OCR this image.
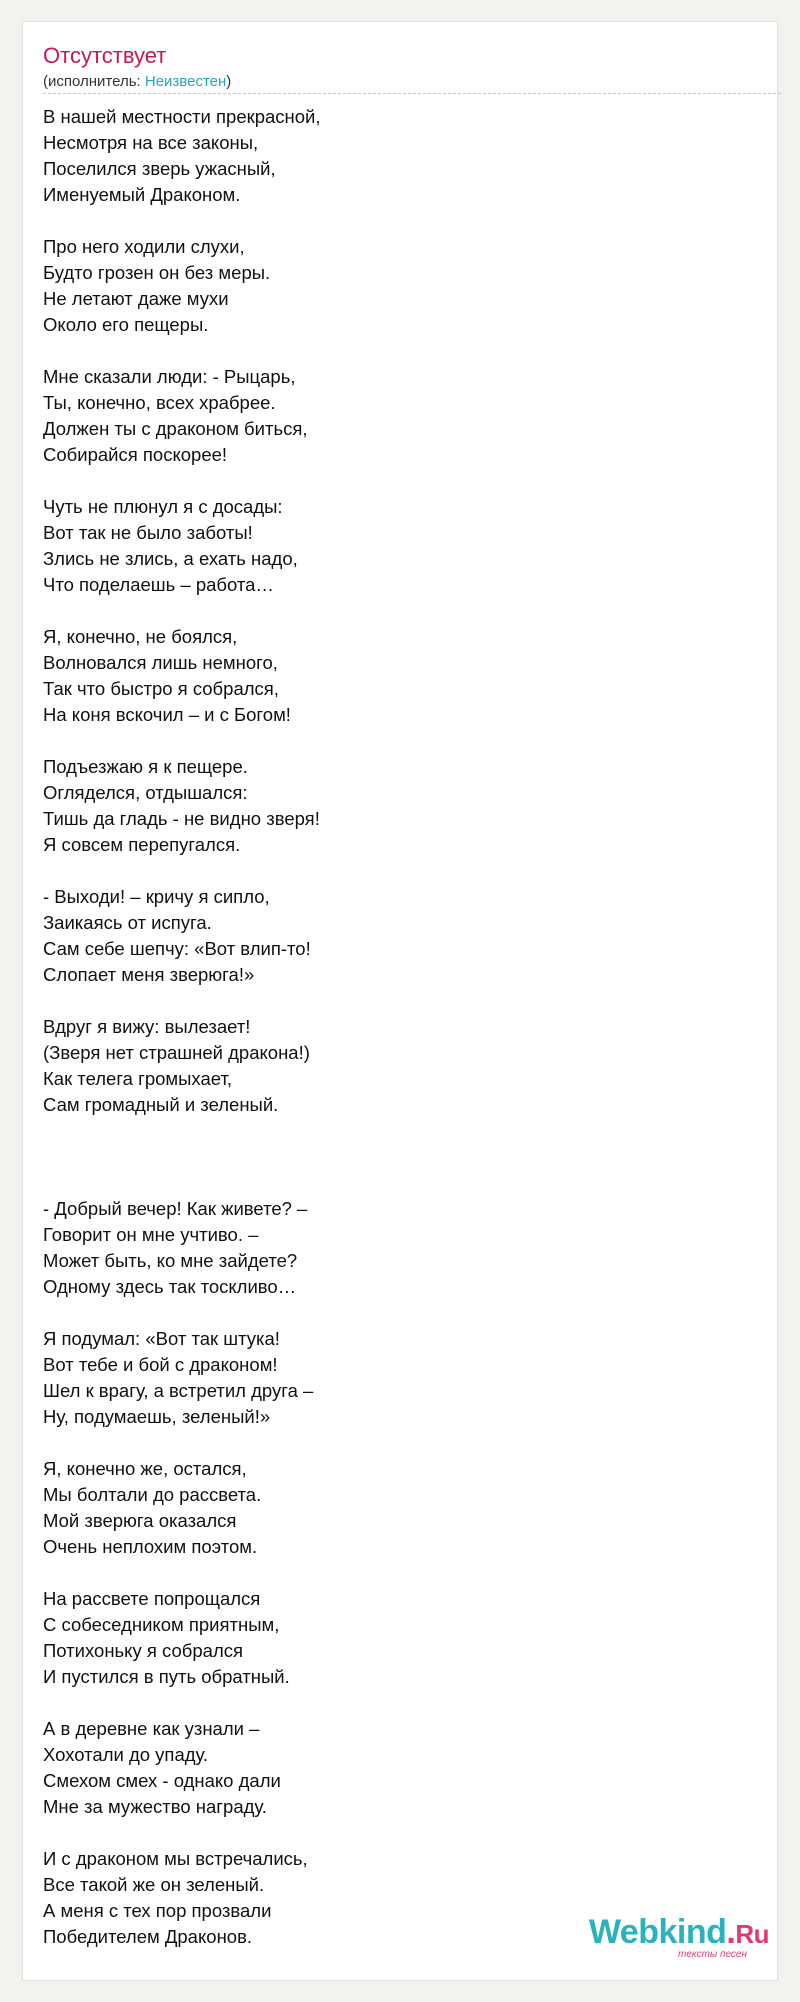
Отсутствует
(исполнитель: Неизвестен)
В нашей местности прекрасной,
Несмотря на все законы,
Поселился зверь ужасный,
Именуемый Драконом.
Про него ходили слухи,
Будто грозен он без меры.
Не летают даже мухи
Около его пещеры.
Мне сказали люди: - Рыцарь,
Ты, конечно, всех храбрее.
Должен ты с драконом биться,
Собирайся поскорее!
Чуть не плюнул я с досады:
Вот так не было заботы!
Злись не злись, а ехать надо,
Что поделаешь – работа…
Я, конечно, не боялся,
Волновался лишь немного,
Так что быстро я собрался,
На коня вскочил – и с Богом!
Подъезжаю я к пещере.
Огляделся, отдышался:
Тишь да гладь - не видно зверя!
Я совсем перепугался.
- Выходи! – кричу я сипло,
Заикаясь от испуга.
Сам себе шепчу: «Вот влип-то!
Слопает меня зверюга!»
Вдруг я вижу: вылезает!
(Зверя нет страшней дракона!)
Как телега громыхает,
Сам громадный и зеленый.
- Добрый вечер! Как живете? –
Говорит он мне учтиво. –
Может быть, ко мне зайдете?
Одному здесь так тоскливо…
Я подумал: «Вот так штука!
Вот тебе и бой с драконом!
Шел к врагу, а встретил друга –
Ну, подумаешь, зеленый!»
Я, конечно же, остался,
Мы болтали до рассвета.
Мой зверюга оказался
Очень неплохим поэтом.
На рассвете попрощался
С собеседником приятным,
Потихоньку я собрался
И пустился в путь обратный.
А в деревне как узнали –
Хохотали до упаду.
Смехом смех - однако дали
Мне за мужество награду.
И с драконом мы встречались,
Все такой же он зеленый.
А меня с тех пор прозвали
Победителем Драконов.	Webkind.Ru
тексты песен
